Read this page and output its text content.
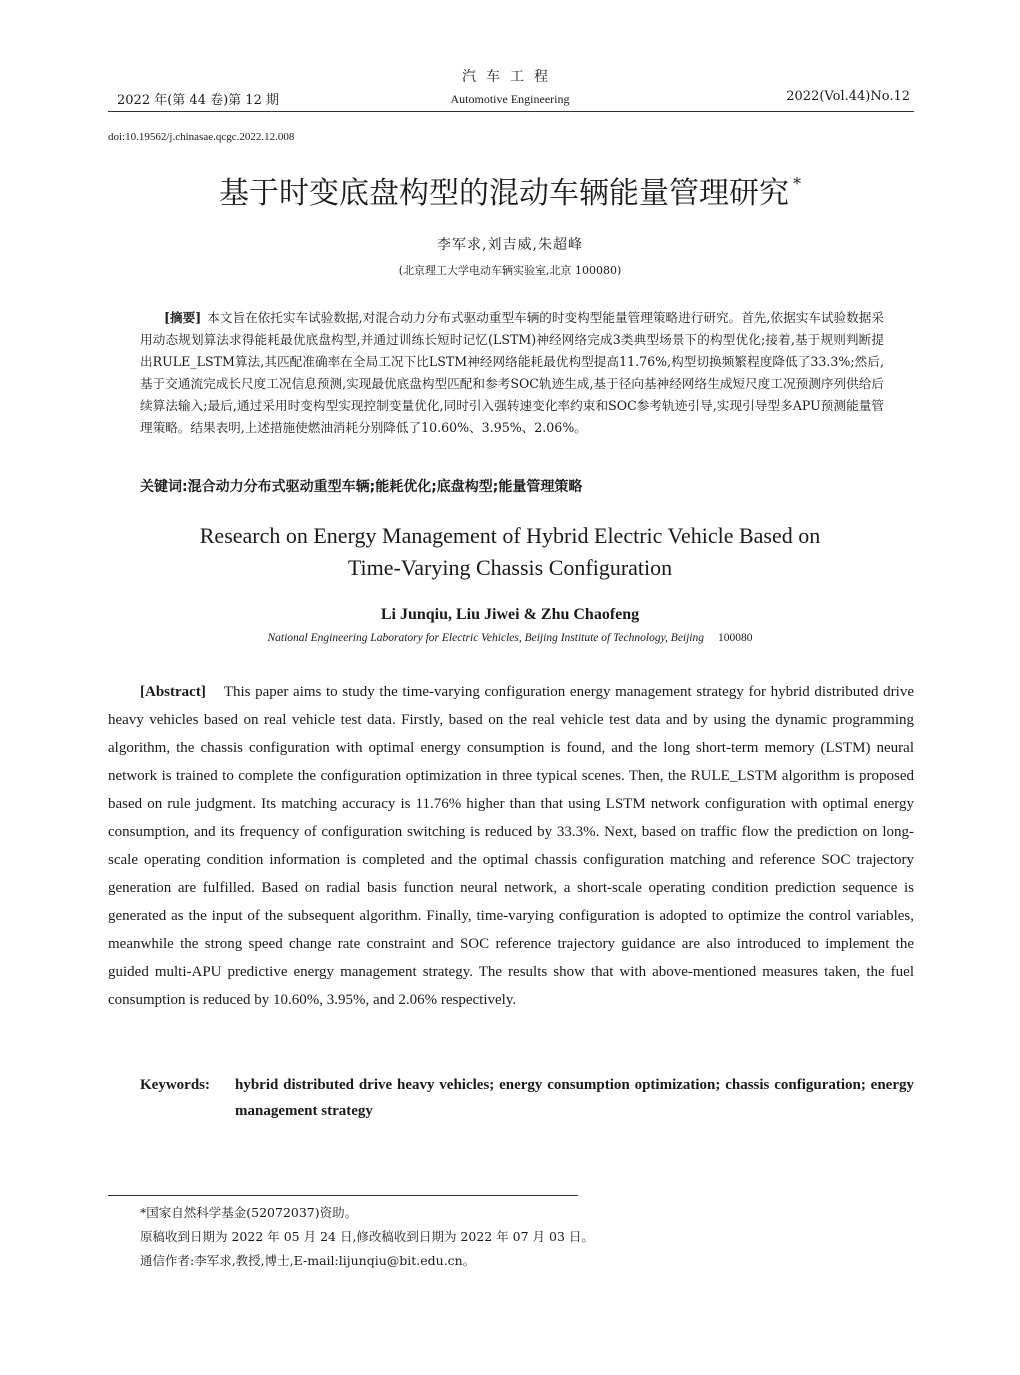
汽车工程
2022 年(第 44 卷)第 12 期	Automotive Engineering	2022(Vol.44)No.12
doi:10.19562/j.chinasae.qcgc.2022.12.008
基于时变底盘构型的混动车辆能量管理研究 *
李军求,刘吉威,朱超峰
(北京理工大学电动车辆实验室,北京 100080)
[摘要] 本文旨在依托实车试验数据,对混合动力分布式驱动重型车辆的时变构型能量管理策略进行研究。首先,依据实车试验数据采用动态规划算法求得能耗最优底盘构型,并通过训练长短时记忆(LSTM)神经网络完成3类典型场景下的构型优化;接着,基于规则判断提出RULE_LSTM算法,其匹配准确率在全局工况下比LSTM神经网络能耗最优构型提高11.76%,构型切换频繁程度降低了33.3%;然后,基于交通流完成长尺度工况信息预测,实现最优底盘构型匹配和参考SOC轨迹生成,基于径向基神经网络生成短尺度工况预测序列供给后续算法输入;最后,通过采用时变构型实现控制变量优化,同时引入强转速变化率约束和SOC参考轨迹引导,实现引导型多APU预测能量管理策略。结果表明,上述措施使燃油消耗分别降低了10.60%、3.95%、2.06%。
关键词:混合动力分布式驱动重型车辆;能耗优化;底盘构型;能量管理策略
Research on Energy Management of Hybrid Electric Vehicle Based on
Time-Varying Chassis Configuration
Li Junqiu, Liu Jiwei & Zhu Chaofeng
National Engineering Laboratory for Electric Vehicles, Beijing Institute of Technology, Beijing 100080
[Abstract] This paper aims to study the time-varying configuration energy management strategy for hybrid distributed drive heavy vehicles based on real vehicle test data. Firstly, based on the real vehicle test data and by using the dynamic programming algorithm, the chassis configuration with optimal energy consumption is found, and the long short-term memory (LSTM) neural network is trained to complete the configuration optimization in three typical scenes. Then, the RULE_LSTM algorithm is proposed based on rule judgment. Its matching accuracy is 11.76% higher than that using LSTM network configuration with optimal energy consumption, and its frequency of configuration switching is reduced by 33.3%. Next, based on traffic flow the prediction on long-scale operating condition information is completed and the optimal chassis configuration matching and reference SOC trajectory generation are fulfilled. Based on radial basis function neural network, a short-scale operating condition prediction sequence is generated as the input of the subsequent algorithm. Finally, time-varying configuration is adopted to optimize the control variables, meanwhile the strong speed change rate constraint and SOC reference trajectory guidance are also introduced to implement the guided multi-APU predictive energy management strategy. The results show that with above-mentioned measures taken, the fuel consumption is reduced by 10.60%, 3.95%, and 2.06% respectively.
Keywords: hybrid distributed drive heavy vehicles; energy consumption optimization; chassis configuration; energy management strategy
*国家自然科学基金(52072037)资助。
原稿收到日期为 2022 年 05 月 24 日,修改稿收到日期为 2022 年 07 月 03 日。
通信作者:李军求,教授,博士,E-mail:lijunqiu@bit.edu.cn。
